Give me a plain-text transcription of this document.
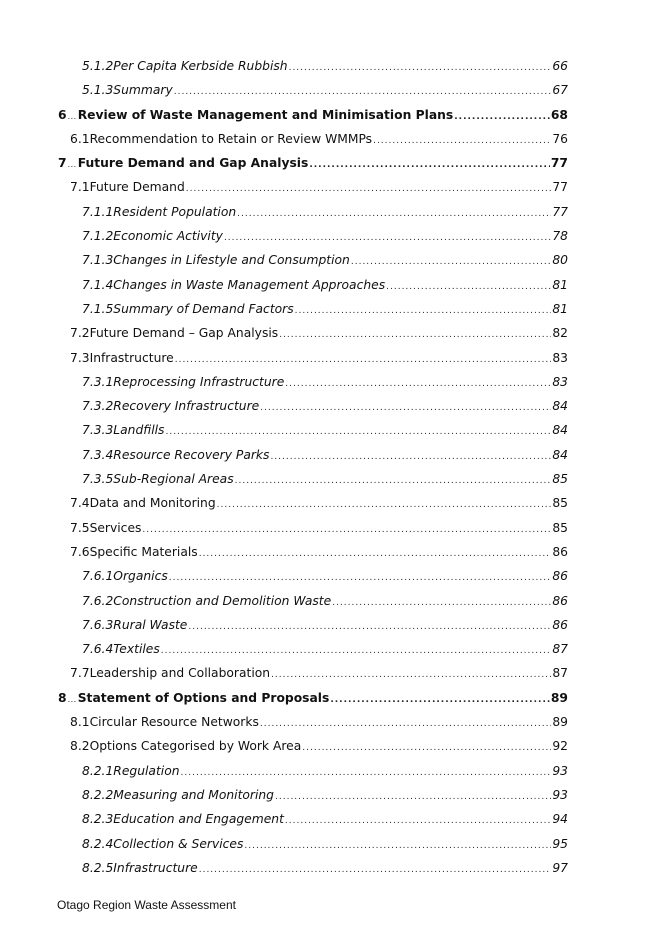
5.1.2 Per Capita Kerbside Rubbish .....	66
5.1.3 Summary .....	67
6 ... Review of Waste Management and Minimisation Plans .....	68
6.1 Recommendation to Retain or Review WMMPs .....	76
7 ... Future Demand and Gap Analysis .....	77
7.1 Future Demand .....	77
7.1.1 Resident Population .....	77
7.1.2 Economic Activity .....	78
7.1.3 Changes in Lifestyle and Consumption .....	80
7.1.4 Changes in Waste Management Approaches .....	81
7.1.5 Summary of Demand Factors .....	81
7.2 Future Demand – Gap Analysis .....	82
7.3 Infrastructure .....	83
7.3.1 Reprocessing Infrastructure .....	83
7.3.2 Recovery Infrastructure .....	84
7.3.3 Landfills .....	84
7.3.4 Resource Recovery Parks .....	84
7.3.5 Sub-Regional Areas .....	85
7.4 Data and Monitoring .....	85
7.5 Services .....	85
7.6 Specific Materials .....	86
7.6.1 Organics .....	86
7.6.2 Construction and Demolition Waste .....	86
7.6.3 Rural Waste .....	86
7.6.4 Textiles .....	87
7.7 Leadership and Collaboration .....	87
8 ... Statement of Options and Proposals .....	89
8.1 Circular Resource Networks .....	89
8.2 Options Categorised by Work Area .....	92
8.2.1 Regulation .....	93
8.2.2 Measuring and Monitoring .....	93
8.2.3 Education and Engagement .....	94
8.2.4 Collection & Services .....	95
8.2.5 Infrastructure .....	97
Otago Region Waste Assessment
